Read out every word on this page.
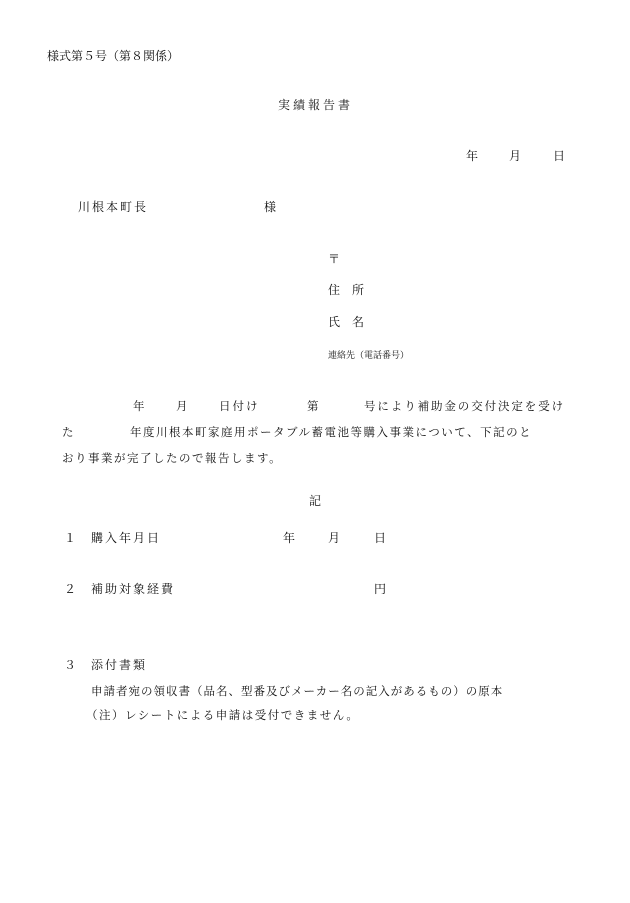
様式第５号（第８関係）
実績報告書
年	月	日
川根本町長	様
〒
住　所
氏　名
連絡先（電話番号）
年	月	日付け	第	号により補助金の交付決定を受け
た	年度川根本町家庭用ポータブル蓄電池等購入事業について、下記のと
おり事業が完了したので報告します。
記
１ 購入年月日	年	月	日
２ 補助対象経費	円
３ 添付書類
申請者宛の領収書（品名、型番及びメーカー名の記入があるもの）の原本
（注）レシートによる申請は受付できません。
